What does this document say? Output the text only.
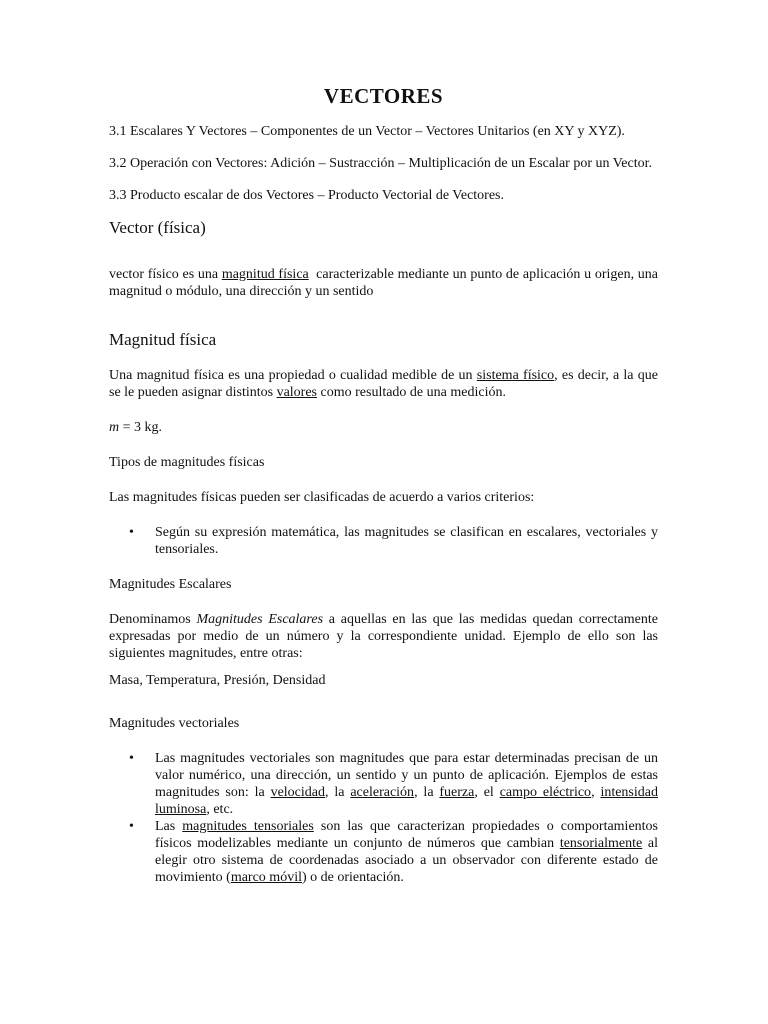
VECTORES

3.1 Escalares Y Vectores – Componentes de un Vector – Vectores Unitarios (en XY y XYZ).

3.2 Operación con Vectores: Adición – Sustracción – Multiplicación de un Escalar por un Vector.

3.3 Producto escalar de dos Vectores – Producto Vectorial de Vectores.

Vector (física)

vector físico es una magnitud física  caracterizable mediante un punto de aplicación u origen, una magnitud o módulo, una dirección y un sentido

Magnitud física

Una magnitud física es una propiedad o cualidad medible de un sistema físico, es decir, a la que se le pueden asignar distintos valores como resultado de una medición.

m = 3 kg.

Tipos de magnitudes físicas

Las magnitudes físicas pueden ser clasificadas de acuerdo a varios criterios:

• Según su expresión matemática, las magnitudes se clasifican en escalares, vectoriales y tensoriales.

Magnitudes Escalares

Denominamos Magnitudes Escalares a aquellas en las que las medidas quedan correctamente expresadas por medio de un número y la correspondiente unidad. Ejemplo de ello son las siguientes magnitudes, entre otras:

Masa, Temperatura, Presión, Densidad

Magnitudes vectoriales

• Las magnitudes vectoriales son magnitudes que para estar determinadas precisan de un valor numérico, una dirección, un sentido y un punto de aplicación. Ejemplos de estas magnitudes son: la velocidad, la aceleración, la fuerza, el campo eléctrico, intensidad luminosa, etc.
• Las magnitudes tensoriales son las que caracterizan propiedades o comportamientos físicos modelizables mediante un conjunto de números que cambian tensorialmente al elegir otro sistema de coordenadas asociado a un observador con diferente estado de movimiento (marco móvil) o de orientación.
